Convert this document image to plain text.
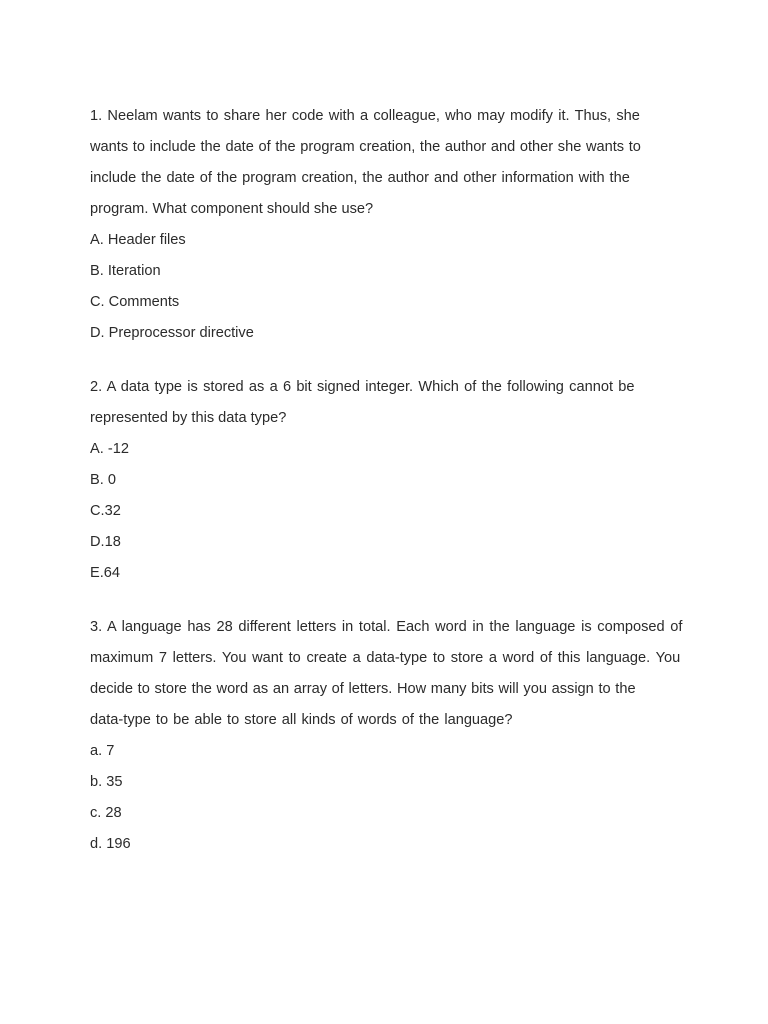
1. Neelam wants to share her code with a colleague, who may modify it. Thus, she
wants to include the date of the program creation, the author and other she wants to
include the date of the program creation, the author and other information with the
program. What component should she use?
A. Header files
B. Iteration
C. Comments
D. Preprocessor directive
2. A data type is stored as a 6 bit signed integer. Which of the following cannot be
represented by this data type?
A. -12
B. 0
C.32
D.18
E.64
3. A language has 28 different letters in total. Each word in the language is composed of
maximum 7 letters. You want to create a data-type to store a word of this language. You
decide to store the word as an array of letters. How many bits will you assign to the
data-type to be able to store all kinds of words of the language?
a. 7
b. 35
c. 28
d. 196
